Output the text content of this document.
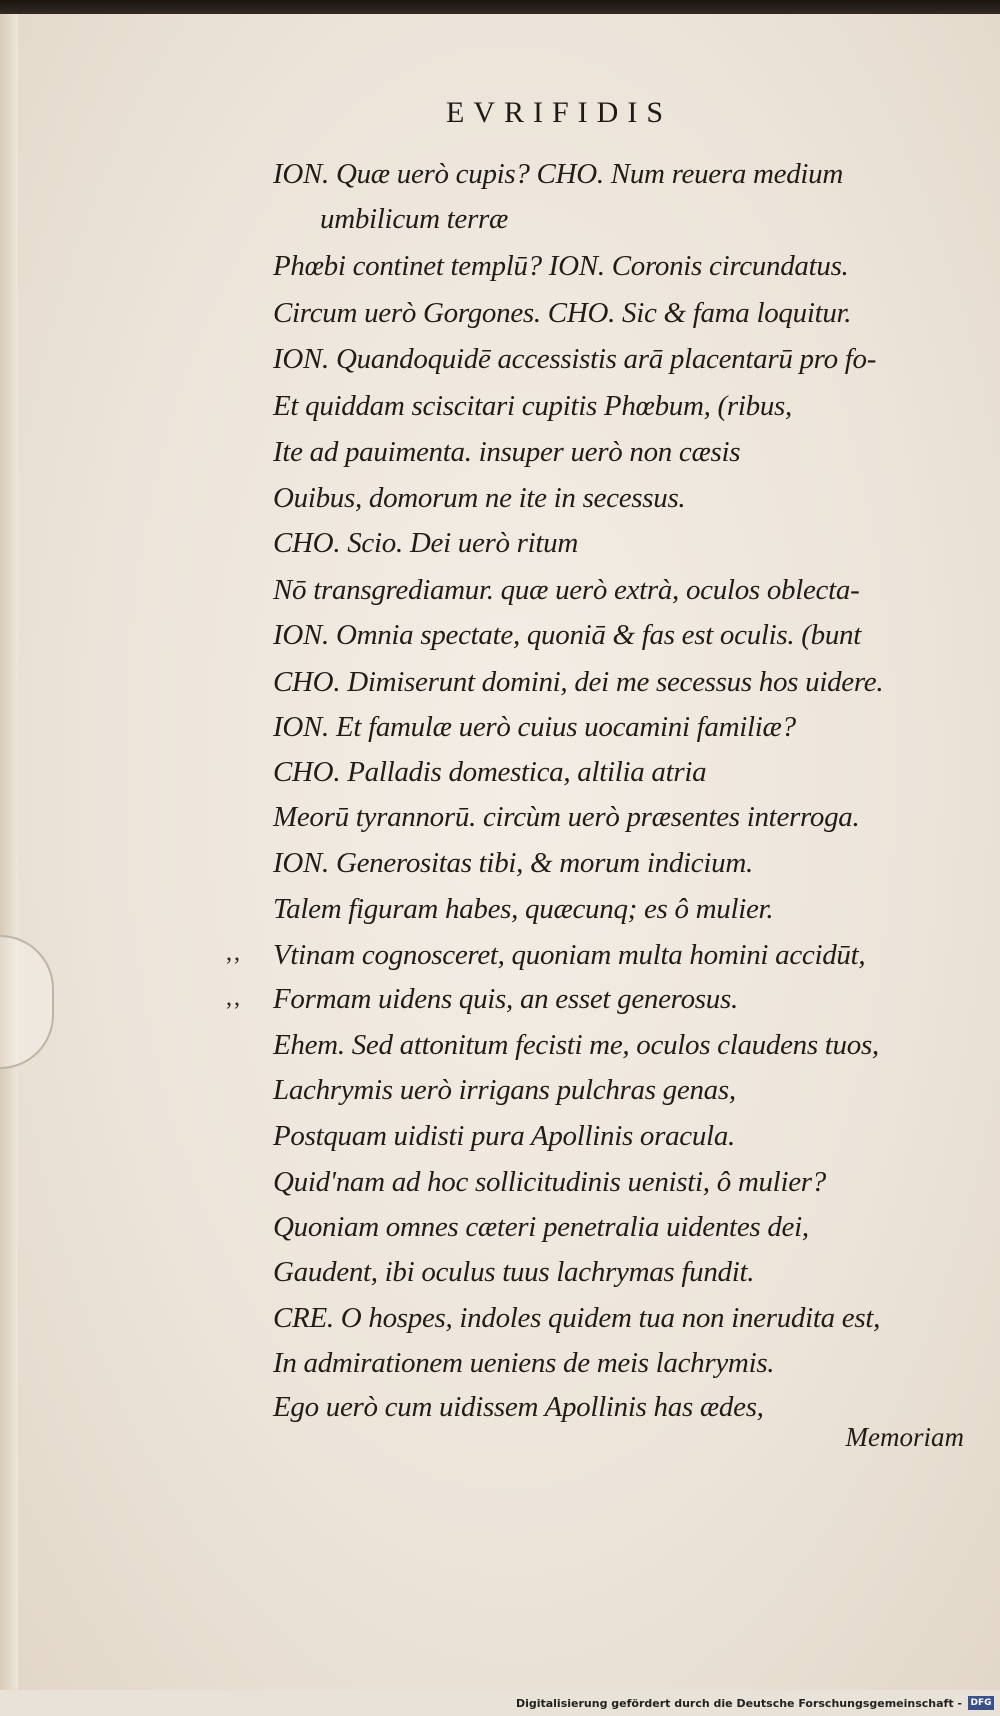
EVRIFIDIS
ION. Quæ uerò cupis? CHO. Num reuera medium
umbilicum terræ
Phœbi continet templū? ION. Coronis circundatus.
Circum uerò Gorgones. CHO. Sic & fama loquitur.
ION. Quandoquidē accessistis arā placentarū pro fo-
Et quiddam sciscitari cupitis Phœbum, (ribus,
Ite ad pauimenta. insuper uerò non cæsis
Ouibus, domorum ne ite in secessus.
CHO. Scio. Dei uerò ritum
Nō transgrediamur. quæ uerò extrà, oculos oblecta-
ION. Omnia spectate, quoniā & fas est oculis. (bunt
CHO. Dimiserunt domini, dei me secessus hos uidere.
ION. Et famulæ uerò cuius uocamini familiæ?
CHO. Palladis domestica, altilia atria
Meorū tyrannorū. circùm uerò præsentes interroga.
ION. Generositas tibi, & morum indicium.
Talem figuram habes, quæcunq; es ô mulier.
Vtinam cognosceret, quoniam multa homini accidūt,
Formam uidens quis, an esset generosus.
Ehem. Sed attonitum fecisti me, oculos claudens tuos,
Lachrymis uerò irrigans pulchras genas,
Postquam uidisti pura Apollinis oracula.
Quid'nam ad hoc sollicitudinis uenisti, ô mulier?
Quoniam omnes cæteri penetralia uidentes dei,
Gaudent, ibi oculus tuus lachrymas fundit.
CRE. O hospes, indoles quidem tua non inerudita est,
In admirationem ueniens de meis lachrymis.
Ego uerò cum uidissem Apollinis has ædes,
,,
,,
Memoriam
Digitalisierung gefördert durch die Deutsche Forschungsgemeinschaft - DFG
